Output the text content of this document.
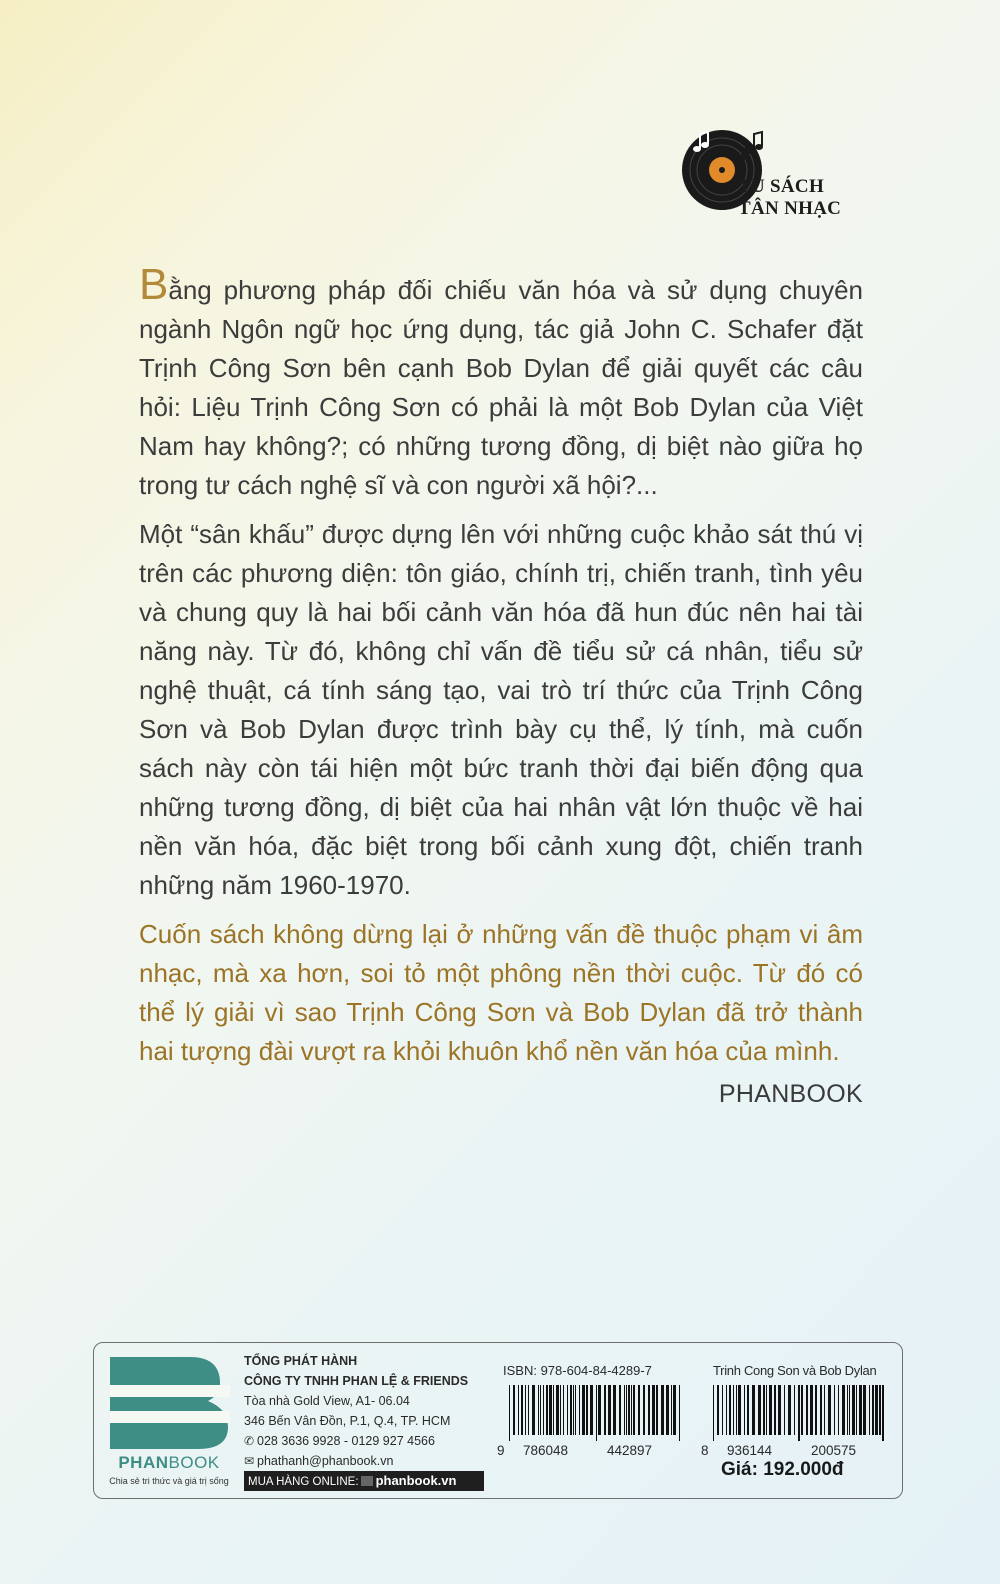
TỦ SÁCH
TÂN NHẠC

Bằng phương pháp đối chiếu văn hóa và sử dụng chuyên ngành Ngôn ngữ học ứng dụng, tác giả John C. Schafer đặt Trịnh Công Sơn bên cạnh Bob Dylan để giải quyết các câu hỏi: Liệu Trịnh Công Sơn có phải là một Bob Dylan của Việt Nam hay không?; có những tương đồng, dị biệt nào giữa họ trong tư cách nghệ sĩ và con người xã hội?...

Một “sân khấu” được dựng lên với những cuộc khảo sát thú vị trên các phương diện: tôn giáo, chính trị, chiến tranh, tình yêu và chung quy là hai bối cảnh văn hóa đã hun đúc nên hai tài năng này. Từ đó, không chỉ vấn đề tiểu sử cá nhân, tiểu sử nghệ thuật, cá tính sáng tạo, vai trò trí thức của Trịnh Công Sơn và Bob Dylan được trình bày cụ thể, lý tính, mà cuốn sách này còn tái hiện một bức tranh thời đại biến động qua những tương đồng, dị biệt của hai nhân vật lớn thuộc về hai nền văn hóa, đặc biệt trong bối cảnh xung đột, chiến tranh những năm 1960-1970.

Cuốn sách không dừng lại ở những vấn đề thuộc phạm vi âm nhạc, mà xa hơn, soi tỏ một phông nền thời cuộc. Từ đó có thể lý giải vì sao Trịnh Công Sơn và Bob Dylan đã trở thành hai tượng đài vượt ra khỏi khuôn khổ nền văn hóa của mình.

PHANBOOK
PHANBOOK
Chia sẻ tri thức và giá trị sống
TỔNG PHÁT HÀNH
CÔNG TY TNHH PHAN LỆ & FRIENDS
Tòa nhà Gold View, A1- 06.04
346 Bến Vân Đồn, P.1, Q.4, TP. HCM
✆ 028 3636 9928 - 0129 927 4566
✉ phathanh@phanbook.vn
MUA HÀNG ONLINE: phanbook.vn
ISBN: 978-604-84-4289-7	Trinh Cong Son và Bob Dylan
9 786048	442897	8 936144	200575
Giá: 192.000đ
